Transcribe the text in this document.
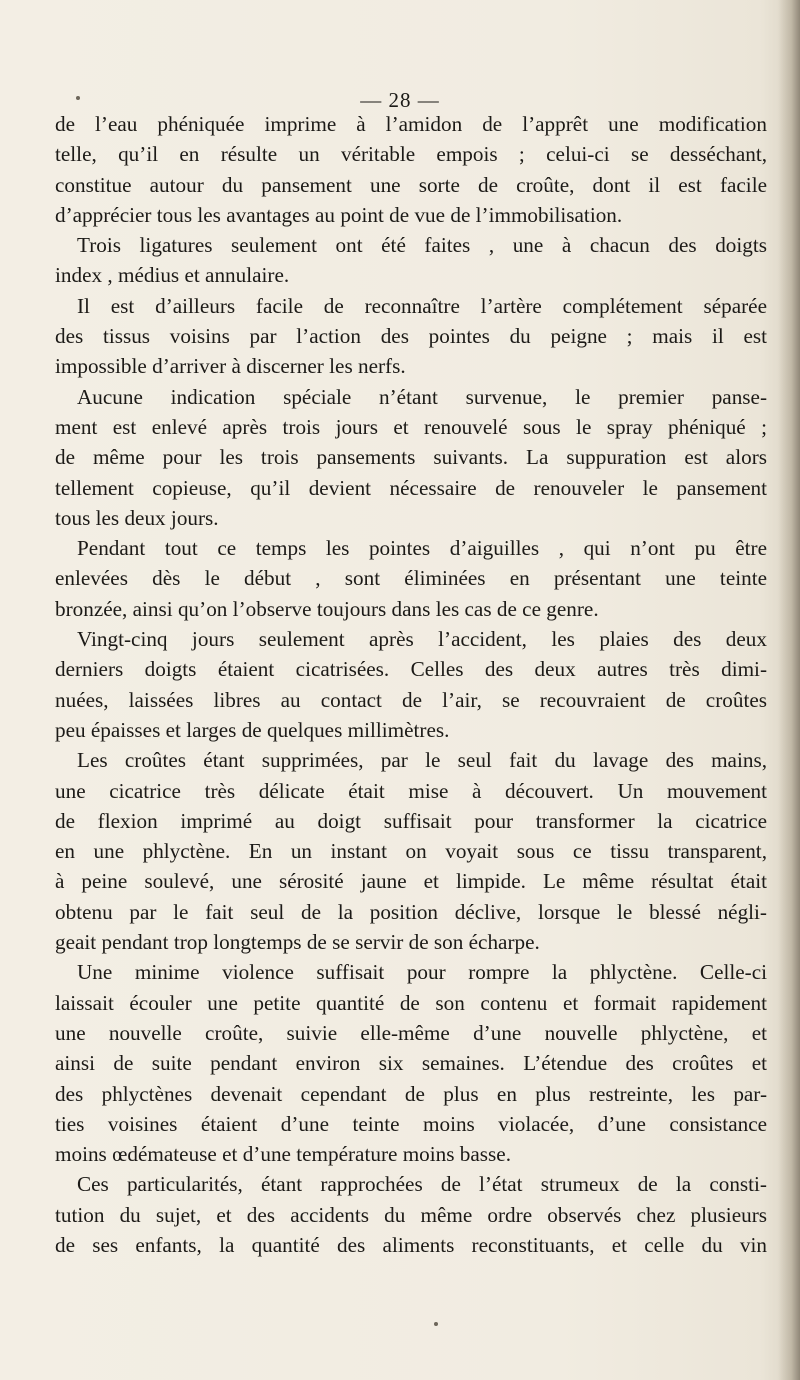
— 28 —
de l’eau phéniquée imprime à l’amidon de l’apprêt une modification
telle, qu’il en résulte un véritable empois ; celui-ci se desséchant,
constitue autour du pansement une sorte de croûte, dont il est facile
d’apprécier tous les avantages au point de vue de l’immobilisation.
Trois ligatures seulement ont été faites , une à chacun des doigts
index , médius et annulaire.
Il est d’ailleurs facile de reconnaître l’artère complétement séparée
des tissus voisins par l’action des pointes du peigne ; mais il est
impossible d’arriver à discerner les nerfs.
Aucune indication spéciale n’étant survenue, le premier panse-
ment est enlevé après trois jours et renouvelé sous le spray phéniqué ;
de même pour les trois pansements suivants. La suppuration est alors
tellement copieuse, qu’il devient nécessaire de renouveler le pansement
tous les deux jours.
Pendant tout ce temps les pointes d’aiguilles , qui n’ont pu être
enlevées dès le début , sont éliminées en présentant une teinte
bronzée, ainsi qu’on l’observe toujours dans les cas de ce genre.
Vingt-cinq jours seulement après l’accident, les plaies des deux
derniers doigts étaient cicatrisées. Celles des deux autres très dimi-
nuées, laissées libres au contact de l’air, se recouvraient de croûtes
peu épaisses et larges de quelques millimètres.
Les croûtes étant supprimées, par le seul fait du lavage des mains,
une cicatrice très délicate était mise à découvert. Un mouvement
de flexion imprimé au doigt suffisait pour transformer la cicatrice
en une phlyctène. En un instant on voyait sous ce tissu transparent,
à peine soulevé, une sérosité jaune et limpide. Le même résultat était
obtenu par le fait seul de la position déclive, lorsque le blessé négli-
geait pendant trop longtemps de se servir de son écharpe.
Une minime violence suffisait pour rompre la phlyctène. Celle-ci
laissait écouler une petite quantité de son contenu et formait rapidement
une nouvelle croûte, suivie elle-même d’une nouvelle phlyctène, et
ainsi de suite pendant environ six semaines. L’étendue des croûtes et
des phlyctènes devenait cependant de plus en plus restreinte, les par-
ties voisines étaient d’une teinte moins violacée, d’une consistance
moins œdémateuse et d’une température moins basse.
Ces particularités, étant rapprochées de l’état strumeux de la consti-
tution du sujet, et des accidents du même ordre observés chez plusieurs
de ses enfants, la quantité des aliments reconstituants, et celle du vin
